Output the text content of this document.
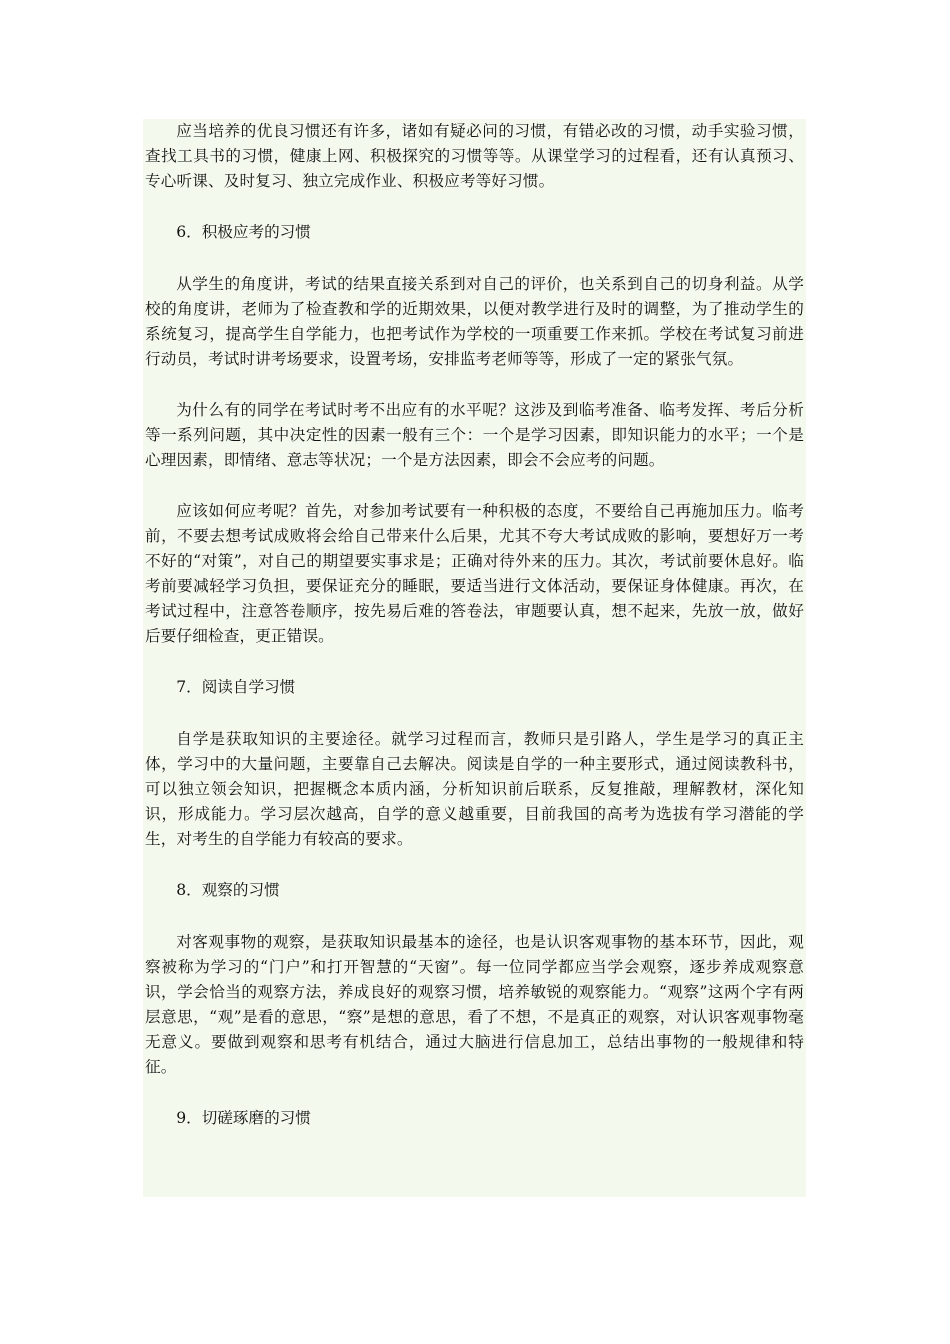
应当培养的优良习惯还有许多，诸如有疑必问的习惯，有错必改的习惯，动手实验习惯，查找工具书的习惯，健康上网、积极探究的习惯等等。从课堂学习的过程看，还有认真预习、专心听课、及时复习、独立完成作业、积极应考等好习惯。

6．积极应考的习惯

从学生的角度讲，考试的结果直接关系到对自己的评价，也关系到自己的切身利益。从学校的角度讲，老师为了检查教和学的近期效果，以便对教学进行及时的调整，为了推动学生的系统复习，提高学生自学能力，也把考试作为学校的一项重要工作来抓。学校在考试复习前进行动员，考试时讲考场要求，设置考场，安排监考老师等等，形成了一定的紧张气氛。

为什么有的同学在考试时考不出应有的水平呢？这涉及到临考准备、临考发挥、考后分析等一系列问题，其中决定性的因素一般有三个：一个是学习因素，即知识能力的水平；一个是心理因素，即情绪、意志等状况；一个是方法因素，即会不会应考的问题。

应该如何应考呢？首先，对参加考试要有一种积极的态度，不要给自己再施加压力。临考前，不要去想考试成败将会给自己带来什么后果，尤其不夸大考试成败的影响，要想好万一考不好的“对策”，对自己的期望要实事求是；正确对待外来的压力。其次，考试前要休息好。临考前要减轻学习负担，要保证充分的睡眠，要适当进行文体活动，要保证身体健康。再次，在考试过程中，注意答卷顺序，按先易后难的答卷法，审题要认真，想不起来，先放一放，做好后要仔细检查，更正错误。

7．阅读自学习惯

自学是获取知识的主要途径。就学习过程而言，教师只是引路人，学生是学习的真正主体，学习中的大量问题，主要靠自己去解决。阅读是自学的一种主要形式，通过阅读教科书，可以独立领会知识，把握概念本质内涵，分析知识前后联系，反复推敲，理解教材，深化知识，形成能力。学习层次越高，自学的意义越重要，目前我国的高考为选拔有学习潜能的学生，对考生的自学能力有较高的要求。

8．观察的习惯

对客观事物的观察，是获取知识最基本的途径，也是认识客观事物的基本环节，因此，观察被称为学习的“门户”和打开智慧的“天窗”。每一位同学都应当学会观察，逐步养成观察意识，学会恰当的观察方法，养成良好的观察习惯，培养敏锐的观察能力。“观察”这两个字有两层意思，“观”是看的意思，“察”是想的意思，看了不想，不是真正的观察，对认识客观事物毫无意义。要做到观察和思考有机结合，通过大脑进行信息加工，总结出事物的一般规律和特征。

9．切磋琢磨的习惯
